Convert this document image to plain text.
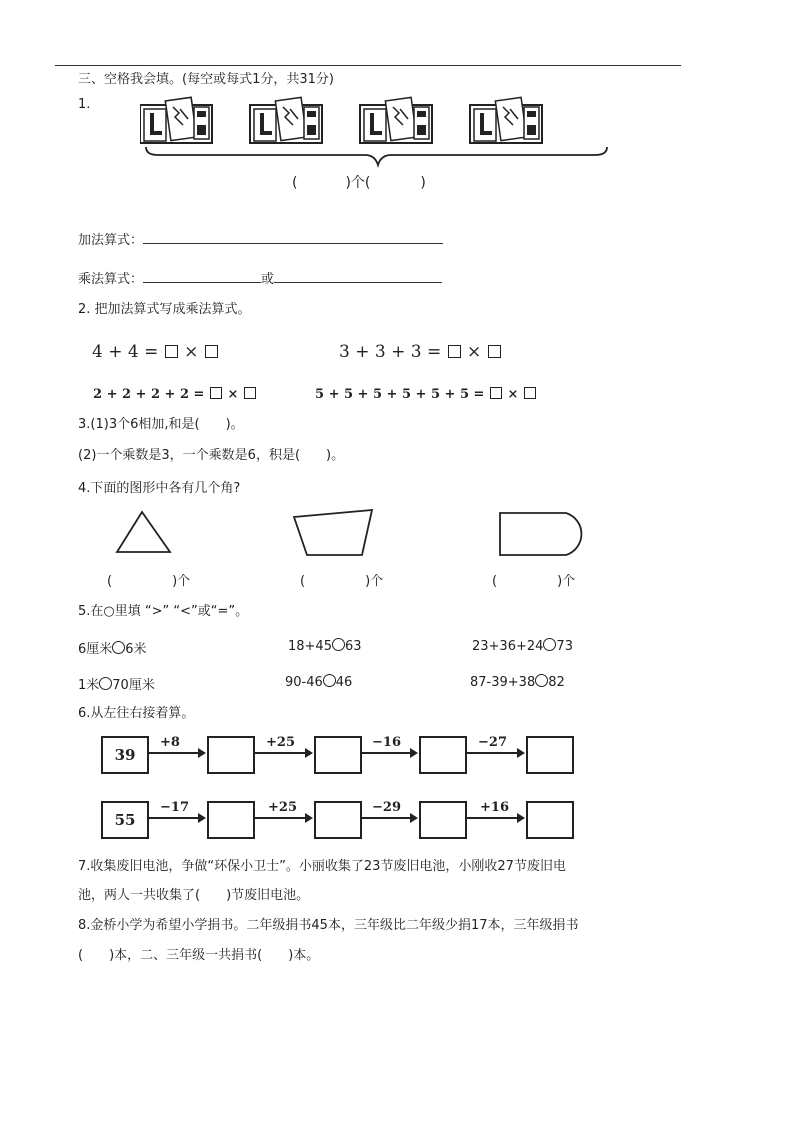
三、空格我会填。(每空或每式1分，共31分)
1.
(	)个(	)
加法算式：
乘法算式：	或
2. 把加法算式写成乘法算式。
4 + 4 = ×	3 + 3 + 3 = ×
2 + 2 + 2 + 2 = ×	5 + 5 + 5 + 5 + 5 + 5 = ×
3.(1)3个6相加,和是(　　)。
(2)一个乘数是3，一个乘数是6，积是(　　)。
4.下面的图形中各有几个角?
(	)个	(	)个	(	)个
5.在○里填 “>” “<”或“=”。
6厘米 6米	18+45 63	23+36+24 73
1米 70厘米	90-46 46	87-39+38 82
6.从左往右接着算。
39
+8	+25	−16	−27
55
−17	+25	−29	+16
7.收集废旧电池，争做“环保小卫士”。小丽收集了23节废旧电池，小刚收27节废旧电
池，两人一共收集了(　　)节废旧电池。
8.金桥小学为希望小学捐书。二年级捐书45本，三年级比二年级少捐17本，三年级捐书
(　　)本，二、三年级一共捐书(　　)本。
